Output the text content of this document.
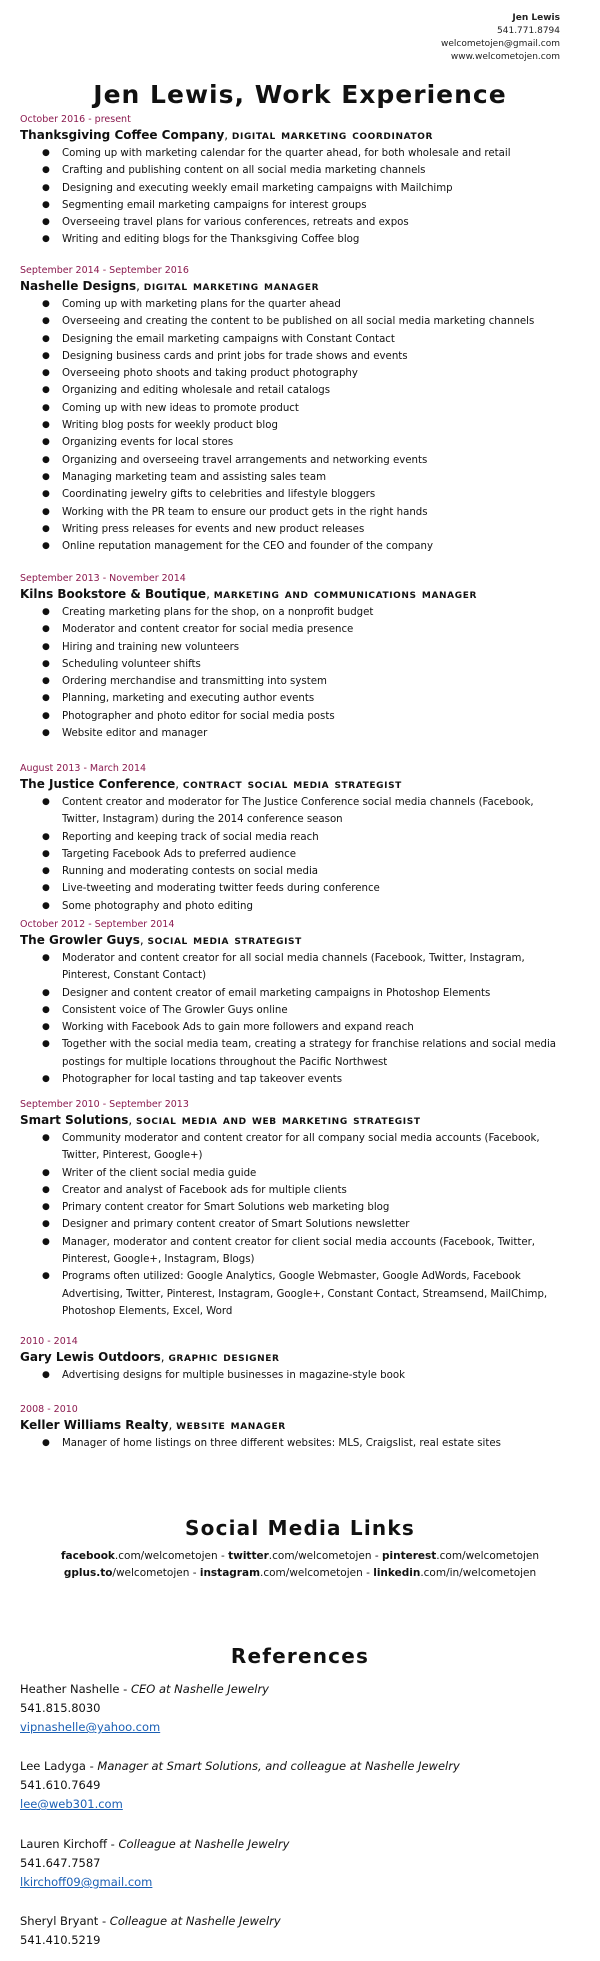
Jen Lewis
541.771.8794
welcometojen@gmail.com
www.welcometojen.com
Jen Lewis, Work Experience
October 2016 - present
Thanksgiving Coffee Company, digital marketing coordinator
● Coming up with marketing calendar for the quarter ahead, for both wholesale and retail
● Crafting and publishing content on all social media marketing channels
● Designing and executing weekly email marketing campaigns with Mailchimp
● Segmenting email marketing campaigns for interest groups
● Overseeing travel plans for various conferences, retreats and expos
● Writing and editing blogs for the Thanksgiving Coffee blog
September 2014 - September 2016
Nashelle Designs, digital marketing manager
● Coming up with marketing plans for the quarter ahead
● Overseeing and creating the content to be published on all social media marketing channels
● Designing the email marketing campaigns with Constant Contact
● Designing business cards and print jobs for trade shows and events
● Overseeing photo shoots and taking product photography
● Organizing and editing wholesale and retail catalogs
● Coming up with new ideas to promote product
● Writing blog posts for weekly product blog
● Organizing events for local stores
● Organizing and overseeing travel arrangements and networking events
● Managing marketing team and assisting sales team
● Coordinating jewelry gifts to celebrities and lifestyle bloggers
● Working with the PR team to ensure our product gets in the right hands
● Writing press releases for events and new product releases
● Online reputation management for the CEO and founder of the company
September 2013 - November 2014
Kilns Bookstore & Boutique, marketing and communications manager
● Creating marketing plans for the shop, on a nonprofit budget
● Moderator and content creator for social media presence
● Hiring and training new volunteers
● Scheduling volunteer shifts
● Ordering merchandise and transmitting into system
● Planning, marketing and executing author events
● Photographer and photo editor for social media posts
● Website editor and manager
August 2013 - March 2014
The Justice Conference, contract social media strategist
● Content creator and moderator for The Justice Conference social media channels (Facebook,
Twitter, Instagram) during the 2014 conference season
● Reporting and keeping track of social media reach
● Targeting Facebook Ads to preferred audience
● Running and moderating contests on social media
● Live-tweeting and moderating twitter feeds during conference
● Some photography and photo editing
October 2012 - September 2014
The Growler Guys, social media strategist
● Moderator and content creator for all social media channels (Facebook, Twitter, Instagram,
Pinterest, Constant Contact)
● Designer and content creator of email marketing campaigns in Photoshop Elements
● Consistent voice of The Growler Guys online
● Working with Facebook Ads to gain more followers and expand reach
● Together with the social media team, creating a strategy for franchise relations and social media
postings for multiple locations throughout the Pacific Northwest
● Photographer for local tasting and tap takeover events
September 2010 - September 2013
Smart Solutions, social media and web marketing strategist
● Community moderator and content creator for all company social media accounts (Facebook,
Twitter, Pinterest, Google+)
● Writer of the client social media guide
● Creator and analyst of Facebook ads for multiple clients
● Primary content creator for Smart Solutions web marketing blog
● Designer and primary content creator of Smart Solutions newsletter
● Manager, moderator and content creator for client social media accounts (Facebook, Twitter,
Pinterest, Google+, Instagram, Blogs)
● Programs often utilized: Google Analytics, Google Webmaster, Google AdWords, Facebook
Advertising, Twitter, Pinterest, Instagram, Google+, Constant Contact, Streamsend, MailChimp,
Photoshop Elements, Excel, Word
2010 - 2014
Gary Lewis Outdoors, graphic designer
● Advertising designs for multiple businesses in magazine-style book
2008 - 2010
Keller Williams Realty, website manager
● Manager of home listings on three different websites: MLS, Craigslist, real estate sites
Social Media Links
facebook.com/welcometojen - twitter.com/welcometojen - pinterest.com/welcometojen
gplus.to/welcometojen - instagram.com/welcometojen - linkedin.com/in/welcometojen
References
Heather Nashelle - CEO at Nashelle Jewelry
541.815.8030
vipnashelle@yahoo.com
Lee Ladyga - Manager at Smart Solutions, and colleague at Nashelle Jewelry
541.610.7649
lee@web301.com
Lauren Kirchoff - Colleague at Nashelle Jewelry
541.647.7587
lkirchoff09@gmail.com
Sheryl Bryant - Colleague at Nashelle Jewelry
541.410.5219
